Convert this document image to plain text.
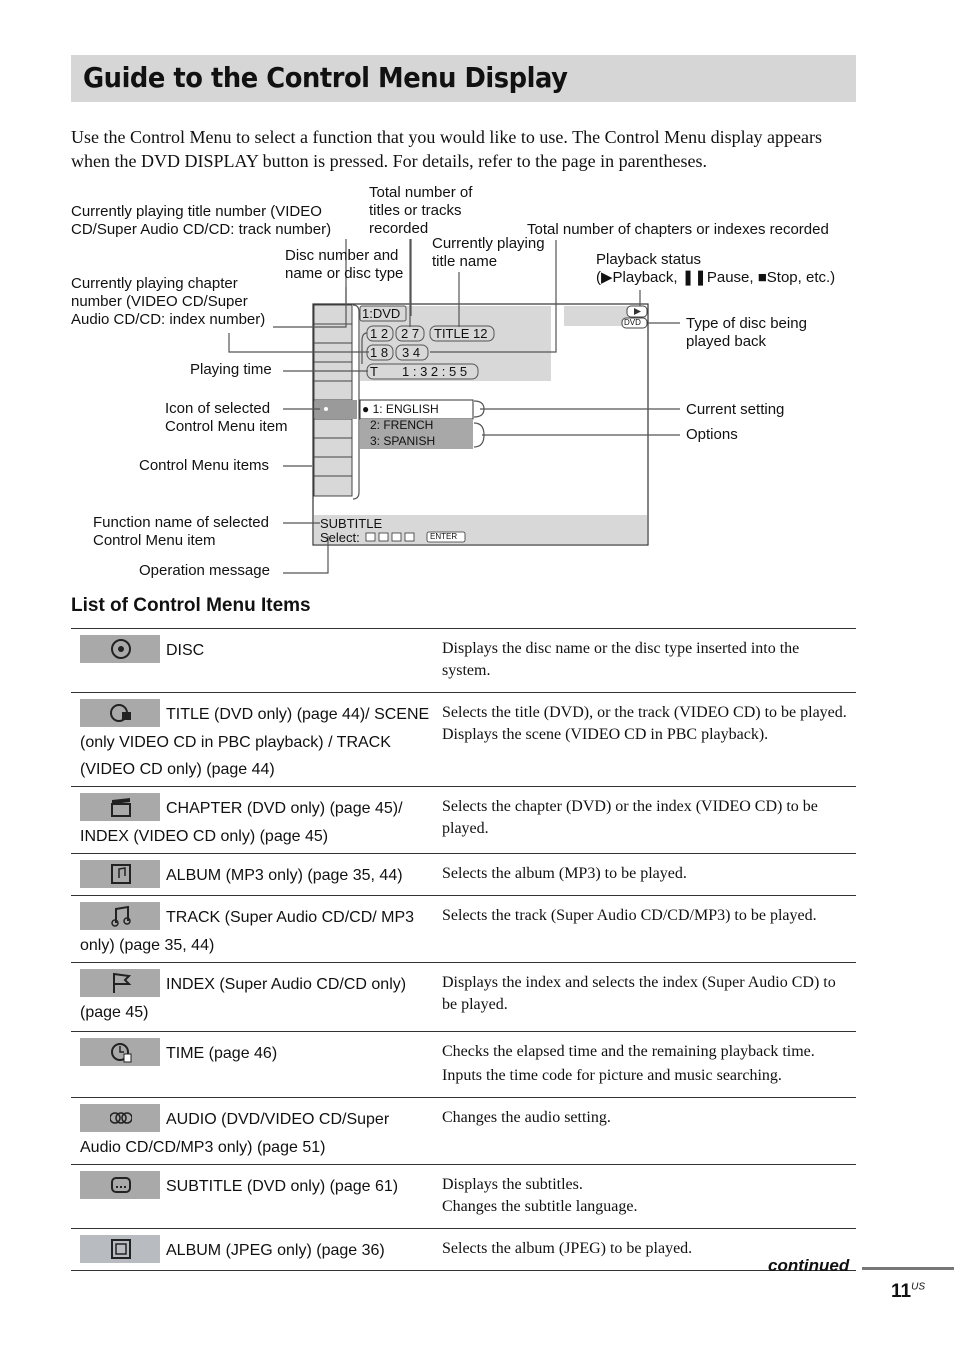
Guide to the Control Menu Display
Use the Control Menu to select a function that you would like to use. The Control Menu display appears when the DVD DISPLAY button is pressed. For details, refer to the page in parentheses.
1:DVD
1 2 2 7 TITLE 12
1 8 3 4
T 1 : 3 2 : 5 5
DVD
● 1: ENGLISH
2: FRENCH
3: SPANISH
SUBTITLE
Select:	ENTER
Currently playing title number (VIDEO
CD/Super Audio CD/CD: track number)
Total number of
titles or tracks
recorded	Total number of chapters or indexes recorded
Disc number and
name or disc type
Currently playing
title name	Playback status
(▶Playback, ❚❚Pause, ■Stop, etc.)
Currently playing chapter
number (VIDEO CD/Super
Audio CD/CD: index number)	Type of disc being
played back
Playing time
Icon of selected
Control Menu item
Current setting
Options
Control Menu items
Function name of selected
Control Menu item
Operation message
List of Control Menu Items
DISC	Displays the disc name or the disc type inserted into the system.

TITLE (DVD only) (page 44)/ SCENE (only VIDEO CD in PBC playback) / TRACK (VIDEO CD only) (page 44)	Selects the title (DVD), or the track (VIDEO CD) to be played.
Displays the scene (VIDEO CD in PBC playback).

CHAPTER (DVD only) (page 45)/ INDEX (VIDEO CD only) (page 45)	Selects the chapter (DVD) or the index (VIDEO CD) to be played.

ALBUM (MP3 only) (page 35, 44)	Selects the album (MP3) to be played.

TRACK (Super Audio CD/CD/ MP3 only) (page 35, 44)	Selects the track (Super Audio CD/CD/MP3) to be played.

INDEX (Super Audio CD/CD only) (page 45)	Displays the index and selects the index (Super Audio CD) to be played.

TIME (page 46)	Checks the elapsed time and the remaining playback time.
Inputs the time code for picture and music searching.

AUDIO (DVD/VIDEO CD/Super Audio CD/CD/MP3 only) (page 51)	Changes the audio setting.

SUBTITLE (DVD only) (page 61)	Displays the subtitles.
Changes the subtitle language.

ALBUM (JPEG only) (page 36)	Selects the album (JPEG) to be played.
continued
$11^{US}$
